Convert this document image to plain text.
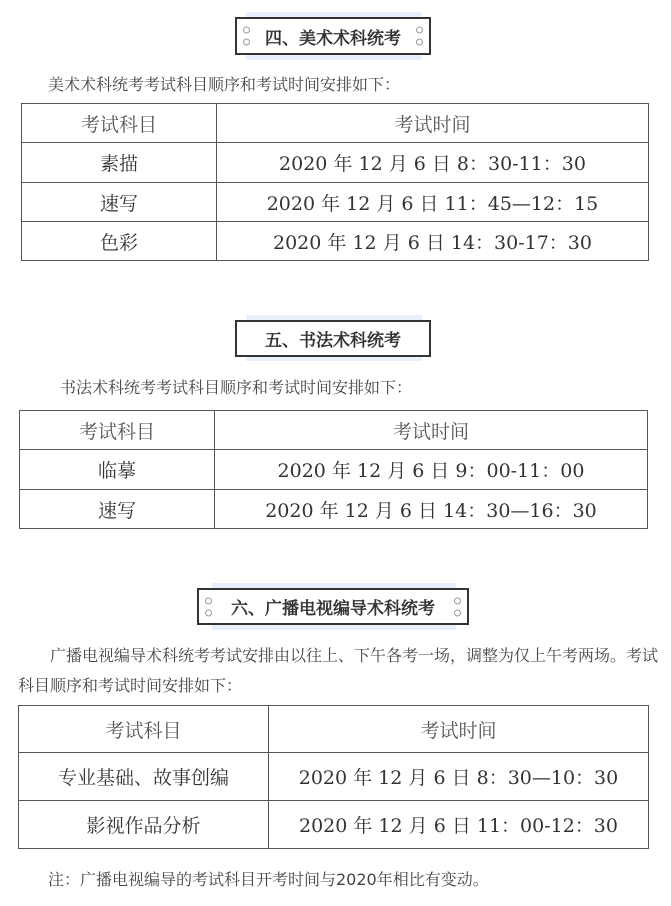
四、美术术科统考
美术术科统考考试科目顺序和考试时间安排如下：
考试科目	考试时间
素描	2020 年 12 月 6 日 8：30-11：30
速写	2020 年 12 月 6 日 11：45—12：15
色彩	2020 年 12 月 6 日 14：30-17：30
五、书法术科统考
书法术科统考考试科目顺序和考试时间安排如下：
考试科目	考试时间
临摹	2020 年 12 月 6 日 9：00-11：00
速写	2020 年 12 月 6 日 14：30—16：30
六、广播电视编导术科统考
广播电视编导术科统考考试安排由以往上、下午各考一场，调整为仅上午考两场。考试科目顺序和考试时间安排如下：
考试科目	考试时间
专业基础、故事创编	2020 年 12 月 6 日 8：30—10：30
影视作品分析	2020 年 12 月 6 日 11：00-12：30
注：广播电视编导的考试科目开考时间与2020年相比有变动。
